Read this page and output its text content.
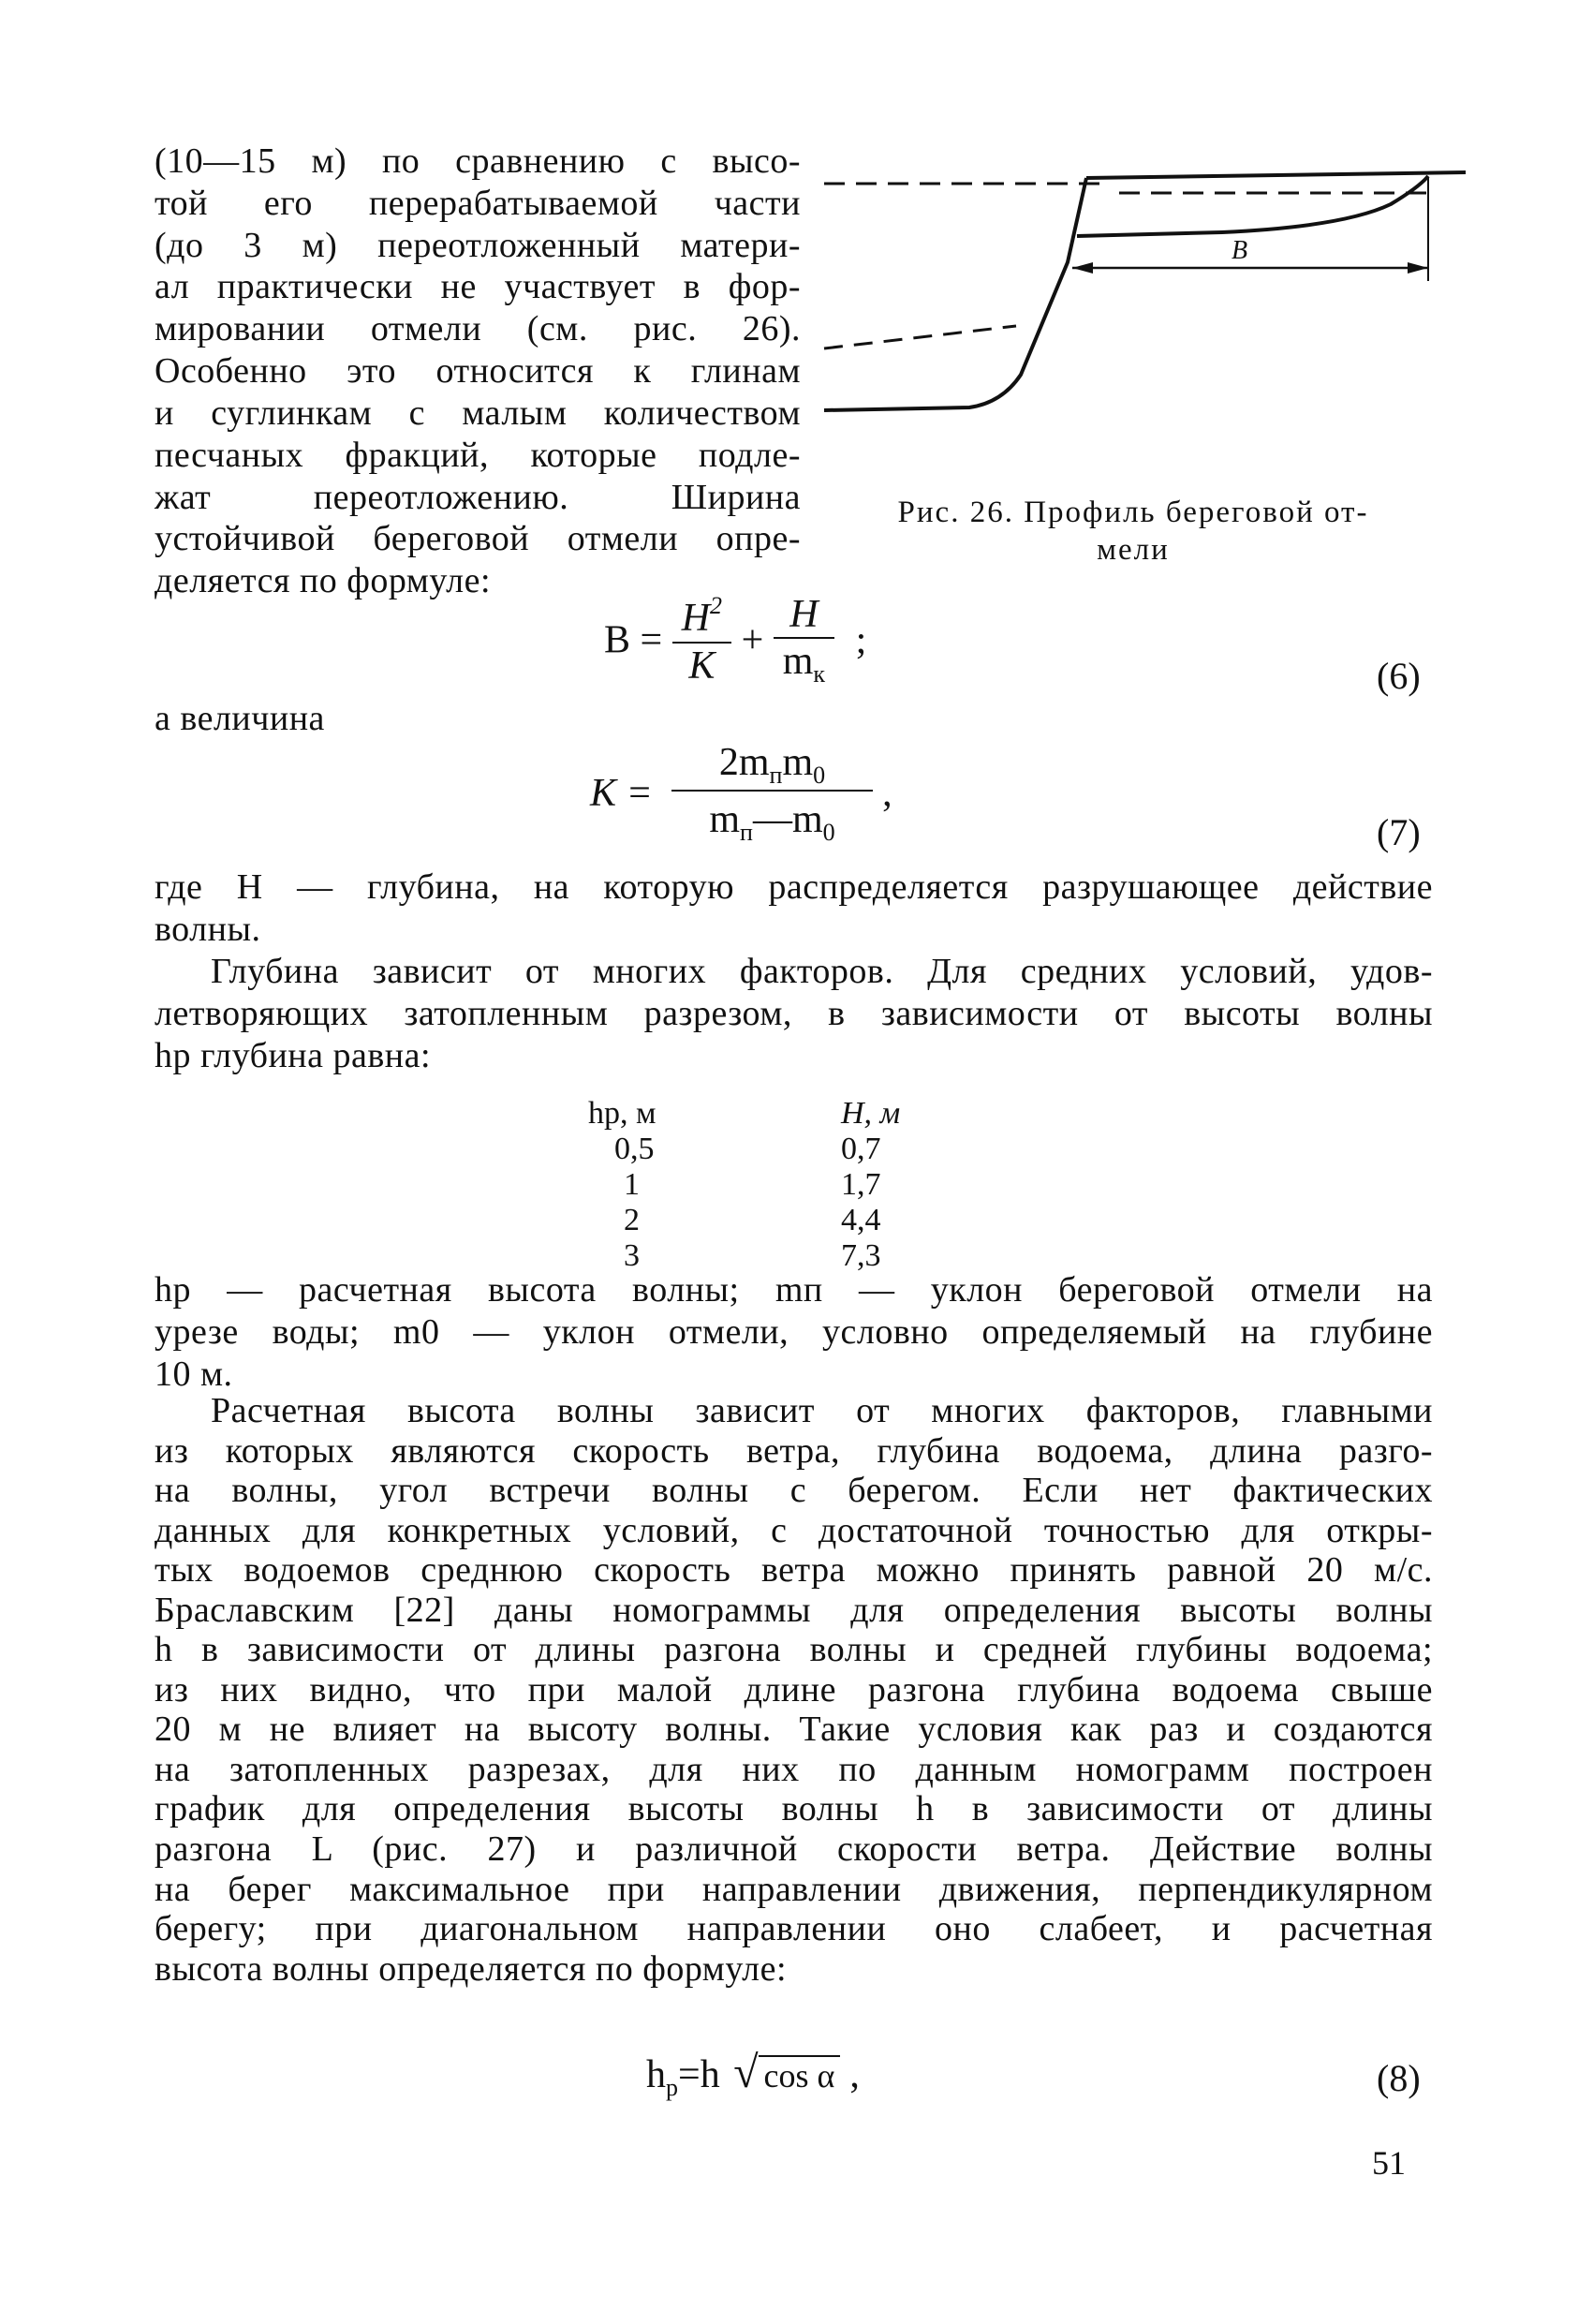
(10—15 м) по сравнению с высо-
той его перерабатываемой части
(до 3 м) переотложенный матери-
ал практически не участвует в фор-
мировании отмели (см. рис. 26).
Особенно это относится к глинам
и суглинкам с малым количеством
песчаных фракций, которые подле-
жат переотложению. Ширина
устойчивой береговой отмели опре-
деляется по формуле:
B
Рис. 26. Профиль береговой от-
мели
$B = \frac{H^2}{K} + \frac{H}{m_к}$ ;
(6)
а величина
$K = \frac{2m_пm_0}{m_п—m_0}$ ,
(7)
где H — глубина, на которую распределяется разрушающее действие
волны.
Глубина зависит от многих факторов. Для средних условий, удов-
летворяющих затопленным разрезом, в зависимости от высоты волны
hр глубина равна:
hр, м	H, м
0,5	0,7
1	1,7
2	4,4
3	7,3
hр — расчетная высота волны; mп — уклон береговой отмели на
урезе воды; m0 — уклон отмели, условно определяемый на глубине
10 м.
Расчетная высота волны зависит от многих факторов, главными
из которых являются скорость ветра, глубина водоема, длина разго-
на волны, угол встречи волны с берегом. Если нет фактических
данных для конкретных условий, с достаточной точностью для откры-
тых водоемов среднюю скорость ветра можно принять равной 20 м/с.
Браславским [22] даны номограммы для определения высоты волны
h в зависимости от длины разгона волны и средней глубины водоема;
из них видно, что при малой длине разгона глубина водоема свыше
20 м не влияет на высоту волны. Такие условия как раз и создаются
на затопленных разрезах, для них по данным номограмм построен
график для определения высоты волны h в зависимости от длины
разгона L (рис. 27) и различной скорости ветра. Действие волны
на берег максимальное при направлении движения, перпендикулярном
берегу; при диагональном направлении оно слабеет, и расчетная
высота волны определяется по формуле:
$h_р=h$ √ cos α ,	(8)
51
